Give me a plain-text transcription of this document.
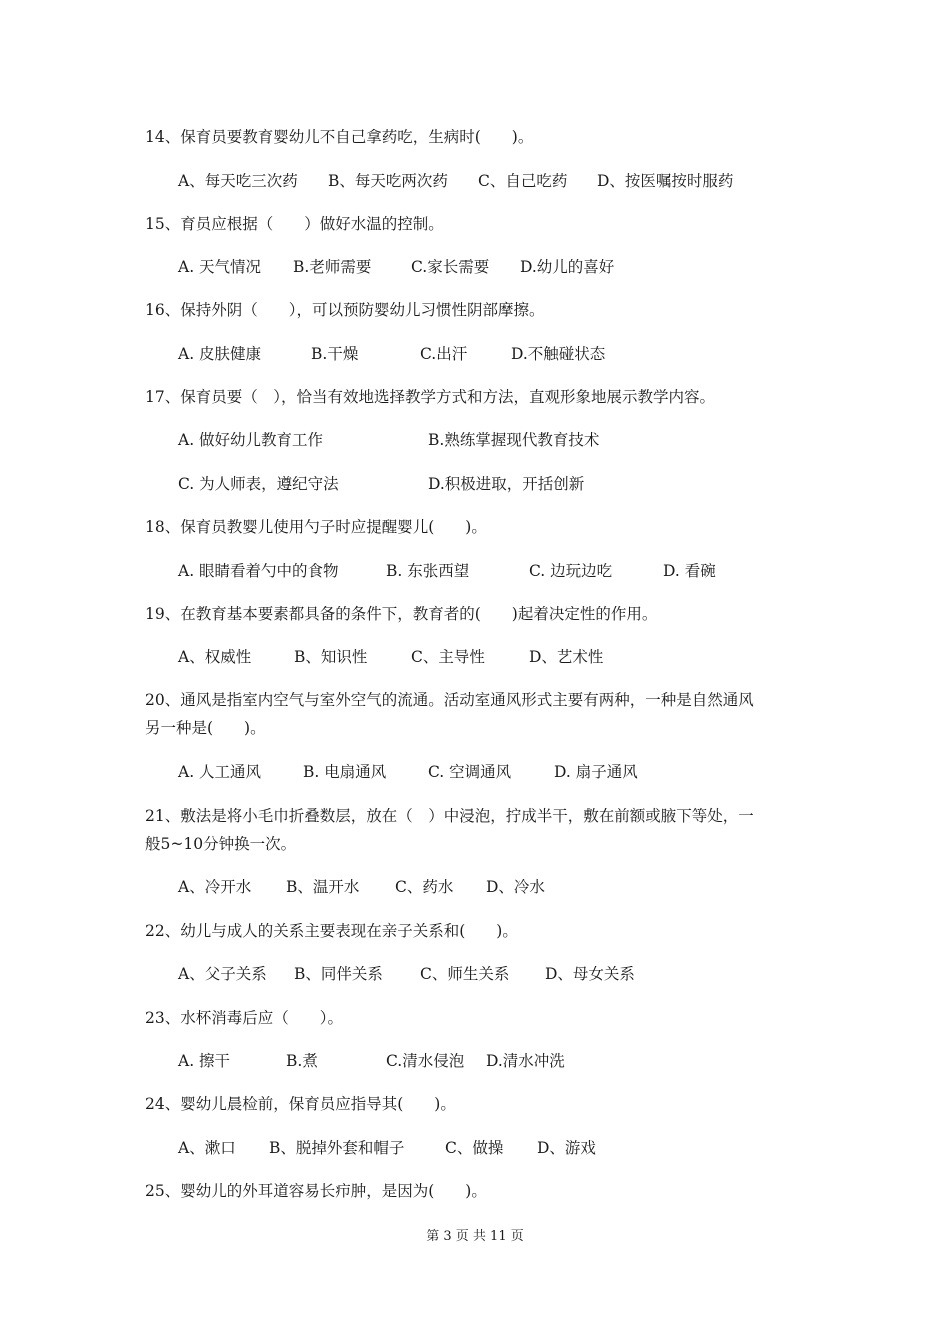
14、保育员要教育婴幼儿不自己拿药吃，生病时(　　)。
A、每天吃三次药 B、每天吃两次药 C、自己吃药 D、按医嘱按时服药
15、育员应根据（　　）做好水温的控制。
A. 天气情况 B.老师需要	C.家长需要 D.幼儿的喜好
16、保持外阴（　　），可以预防婴幼儿习惯性阴部摩擦。
A. 皮肤健康	B.干燥	C.出汗	D.不触碰状态
17、保育员要（　），恰当有效地选择教学方式和方法，直观形象地展示教学内容。
A. 做好幼儿教育工作	B.熟练掌握现代教育技术
C. 为人师表，遵纪守法	D.积极进取，开括创新
18、保育员教婴儿使用勺子时应提醒婴儿(　　)。
A. 眼睛看着勺中的食物	B. 东张西望	C. 边玩边吃	D. 看碗
19、在教育基本要素都具备的条件下，教育者的(　　)起着决定性的作用。
A、权威性	B、知识性	C、主导性	D、艺术性
20、通风是指室内空气与室外空气的流通。活动室通风形式主要有两种，一种是自然通风
另一种是(　　)。
A. 人工通风	B. 电扇通风	C. 空调通风	D. 扇子通风
21、敷法是将小毛巾折叠数层，放在（　）中浸泡，拧成半干，敷在前额或腋下等处，一
般5~10分钟换一次。
A、冷开水 B、温开水 C、药水 D、冷水
22、幼儿与成人的关系主要表现在亲子关系和(　　)。
A、父子关系 B、同伴关系 C、师生关系 D、母女关系
23、水杯消毒后应（　　）。
A. 擦干	B.煮	C.清水侵泡 D.清水冲洗
24、婴幼儿晨检前，保育员应指导其(　　)。
A、漱口 B、脱掉外套和帽子	C、做操 D、游戏
25、婴幼儿的外耳道容易长疖肿，是因为(　　)。
第 3 页 共 11 页
